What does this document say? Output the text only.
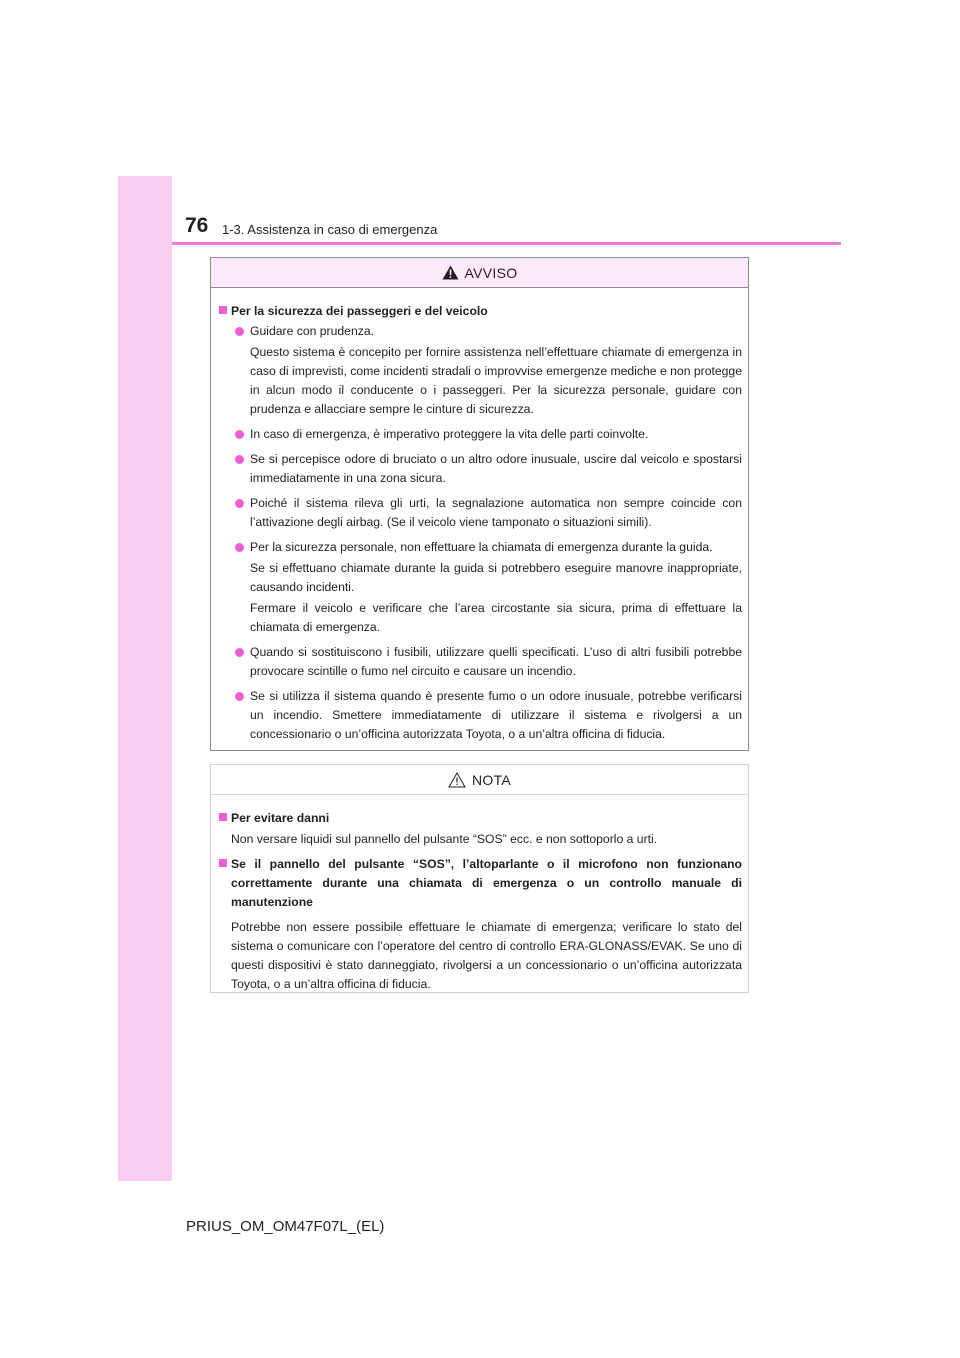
76 1-3. Assistenza in caso di emergenza
AVVISO
Per la sicurezza dei passeggeri e del veicolo
Guidare con prudenza.
Questo sistema è concepito per fornire assistenza nell’effettuare chiamate di emergenza in caso di imprevisti, come incidenti stradali o improvvise emergenze mediche e non protegge in alcun modo il conducente o i passeggeri. Per la sicurezza personale, guidare con prudenza e allacciare sempre le cinture di sicurezza.
In caso di emergenza, è imperativo proteggere la vita delle parti coinvolte.
Se si percepisce odore di bruciato o un altro odore inusuale, uscire dal veicolo e spostarsi immediatamente in una zona sicura.
Poiché il sistema rileva gli urti, la segnalazione automatica non sempre coincide con l’attivazione degli airbag. (Se il veicolo viene tamponato o situazioni simili).
Per la sicurezza personale, non effettuare la chiamata di emergenza durante la guida.
Se si effettuano chiamate durante la guida si potrebbero eseguire manovre inappropriate, causando incidenti.
Fermare il veicolo e verificare che l’area circostante sia sicura, prima di effettuare la chiamata di emergenza.
Quando si sostituiscono i fusibili, utilizzare quelli specificati. L’uso di altri fusibili potrebbe provocare scintille o fumo nel circuito e causare un incendio.
Se si utilizza il sistema quando è presente fumo o un odore inusuale, potrebbe verificarsi un incendio. Smettere immediatamente di utilizzare il sistema e rivolgersi a un concessionario o un’officina autorizzata Toyota, o a un’altra officina di fiducia.
NOTA
Per evitare danni
Non versare liquidi sul pannello del pulsante “SOS” ecc. e non sottoporlo a urti.
Se il pannello del pulsante “SOS”, l’altoparlante o il microfono non funzionano correttamente durante una chiamata di emergenza o un controllo manuale di manutenzione
Potrebbe non essere possibile effettuare le chiamate di emergenza; verificare lo stato del sistema o comunicare con l’operatore del centro di controllo ERA-GLONASS/EVAK. Se uno di questi dispositivi è stato danneggiato, rivolgersi a un concessionario o un’officina autorizzata Toyota, o a un’altra officina di fiducia.
PRIUS_OM_OM47F07L_(EL)
